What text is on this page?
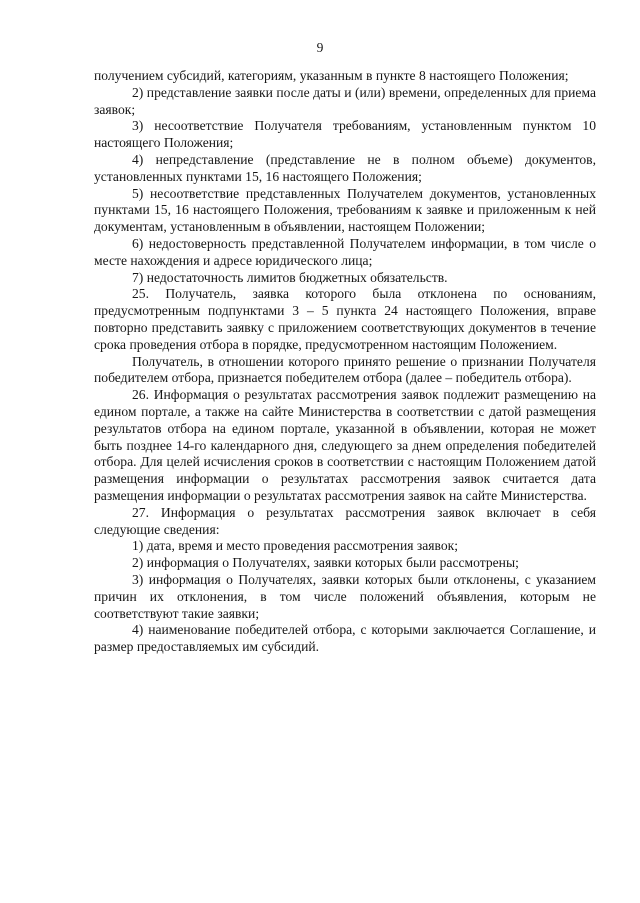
9

получением субсидий, категориям, указанным в пункте 8 настоящего Положения;

2) представление заявки после даты и (или) времени, определенных для приема заявок;

3) несоответствие Получателя требованиям, установленным пунктом 10 настоящего Положения;

4) непредставление (представление не в полном объеме) документов, установленных пунктами 15, 16 настоящего Положения;

5) несоответствие представленных Получателем документов, установленных пунктами 15, 16 настоящего Положения, требованиям к заявке и приложенным к ней документам, установленным в объявлении, настоящем Положении;

6) недостоверность представленной Получателем информации, в том числе о месте нахождения и адресе юридического лица;

7) недостаточность лимитов бюджетных обязательств.

25. Получатель, заявка которого была отклонена по основаниям, предусмотренным подпунктами 3 – 5 пункта 24 настоящего Положения, вправе повторно представить заявку с приложением соответствующих документов в течение срока проведения отбора в порядке, предусмотренном настоящим Положением.

Получатель, в отношении которого принято решение о признании Получателя победителем отбора, признается победителем отбора (далее – победитель отбора).

26. Информация о результатах рассмотрения заявок подлежит размещению на едином портале, а также на сайте Министерства в соответствии с датой размещения результатов отбора на едином портале, указанной в объявлении, которая не может быть позднее 14-го календарного дня, следующего за днем определения победителей отбора. Для целей исчисления сроков в соответствии с настоящим Положением датой размещения информации о результатах рассмотрения заявок считается дата размещения информации о результатах рассмотрения заявок на сайте Министерства.

27. Информация о результатах рассмотрения заявок включает в себя следующие сведения:

1) дата, время и место проведения рассмотрения заявок;

2) информация о Получателях, заявки которых были рассмотрены;

3) информация о Получателях, заявки которых были отклонены, с указанием причин их отклонения, в том числе положений объявления, которым не соответствуют такие заявки;

4) наименование победителей отбора, с которыми заключается Соглашение, и размер предоставляемых им субсидий.
